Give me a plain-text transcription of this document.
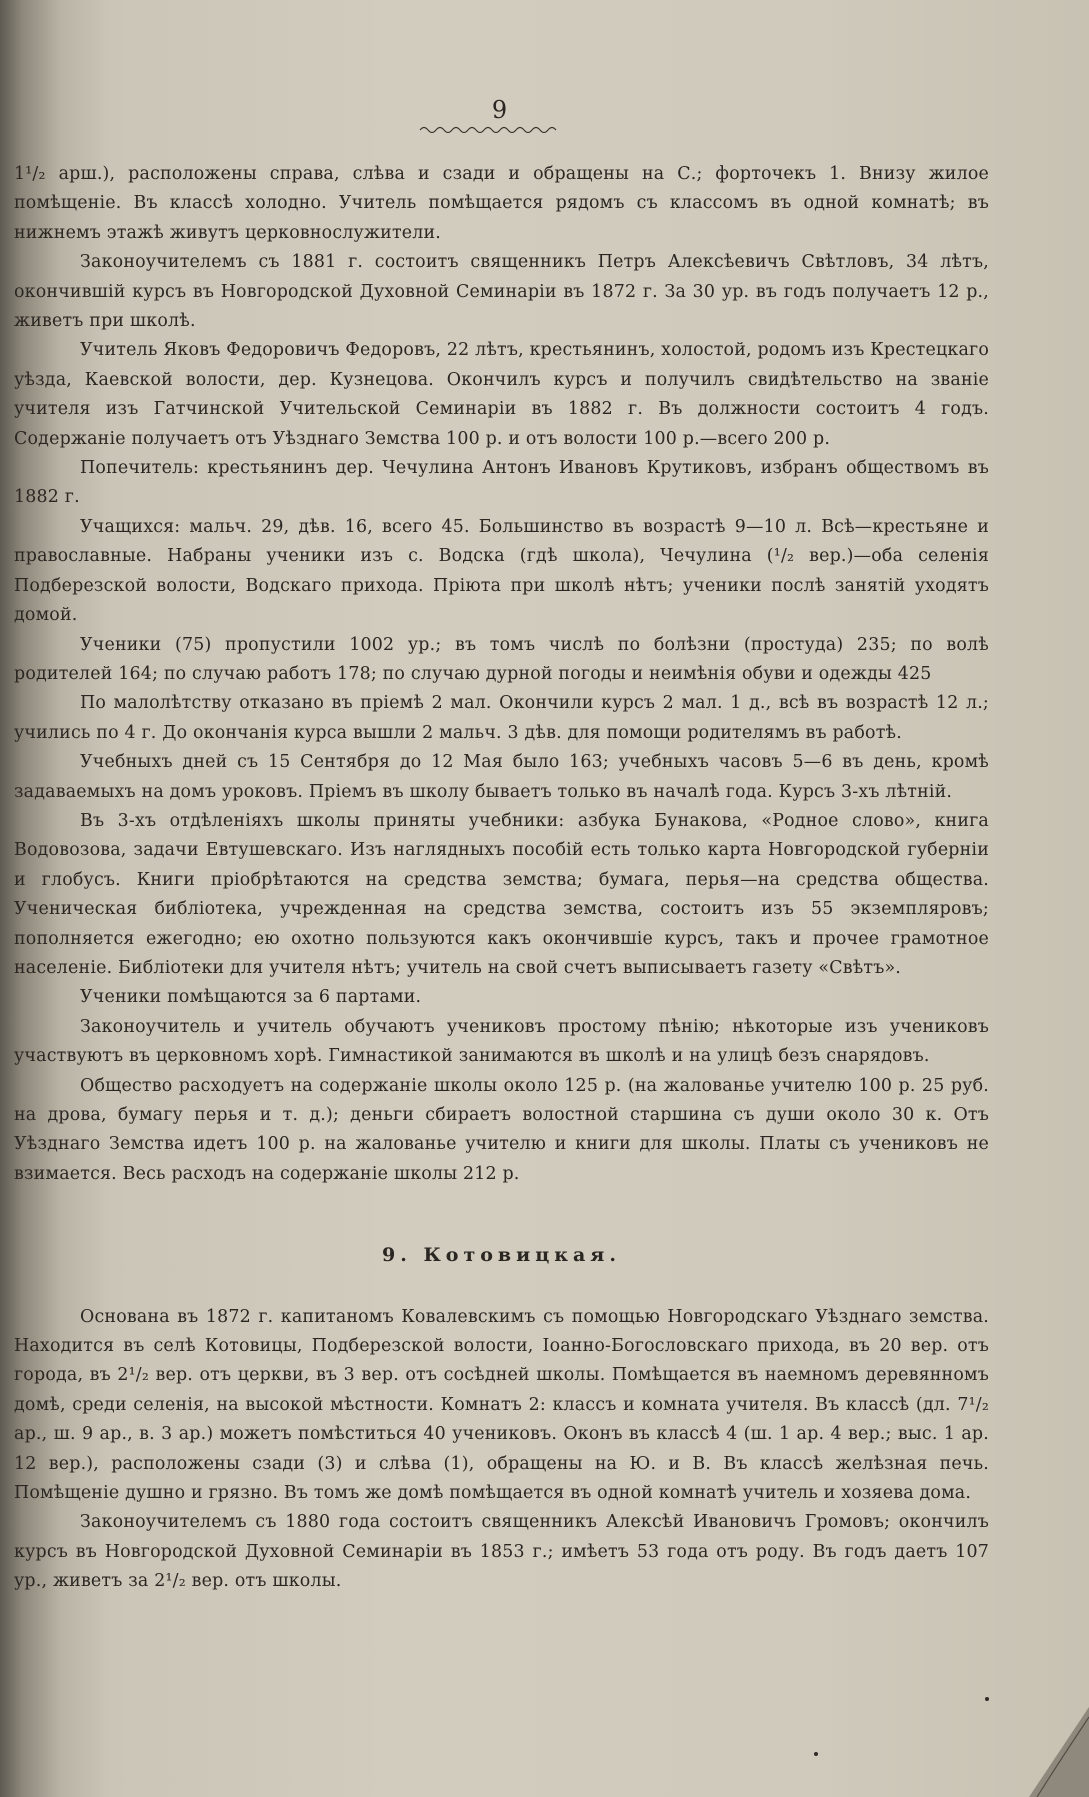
9

1¹/₂ арш.), расположены справа, слѣва и сзади и обращены на С.; форточекъ 1. Внизу жилое помѣщеніе. Въ классѣ холодно. Учитель помѣщается рядомъ съ классомъ въ одной комнатѣ; въ нижнемъ этажѣ живутъ церковнослужители.

Законоучителемъ съ 1881 г. состоитъ священникъ Петръ Алексѣевичъ Свѣтловъ, 34 лѣтъ, окончившій курсъ въ Новгородской Духовной Семинаріи въ 1872 г. За 30 ур. въ годъ получаетъ 12 р., живетъ при школѣ.

Учитель Яковъ Федоровичъ Федоровъ, 22 лѣтъ, крестьянинъ, холостой, родомъ изъ Крестецкаго уѣзда, Каевской волости, дер. Кузнецова. Окончилъ курсъ и получилъ свидѣтельство на званіе учителя изъ Гатчинской Учительской Семинаріи въ 1882 г. Въ должности состоитъ 4 годъ. Содержаніе получаетъ отъ Уѣзднаго Земства 100 р. и отъ волости 100 р.—всего 200 р.

Попечитель: крестьянинъ дер. Чечулина Антонъ Ивановъ Крутиковъ, избранъ обществомъ въ 1882 г.

Учащихся: мальч. 29, дѣв. 16, всего 45. Большинство въ возрастѣ 9—10 л. Всѣ—крестьяне и православные. Набраны ученики изъ с. Водска (гдѣ школа), Чечулина (¹/₂ вер.)—оба селенія Подберезской волости, Водскаго прихода. Пріюта при школѣ нѣтъ; ученики послѣ занятій уходятъ домой.

Ученики (75) пропустили 1002 ур.; въ томъ числѣ по болѣзни (простуда) 235; по волѣ родителей 164; по случаю работъ 178; по случаю дурной погоды и неимѣнія обуви и одежды 425

По малолѣтству отказано въ пріемѣ 2 мал. Окончили курсъ 2 мал. 1 д., всѣ въ возрастѣ 12 л.; учились по 4 г. До окончанія курса вышли 2 мальч. 3 дѣв. для помощи родителямъ въ работѣ.

Учебныхъ дней съ 15 Сентября до 12 Мая было 163; учебныхъ часовъ 5—6 въ день, кромѣ задаваемыхъ на домъ уроковъ. Пріемъ въ школу бываетъ только въ началѣ года. Курсъ 3-хъ лѣтній.

Въ 3-хъ отдѣленіяхъ школы приняты учебники: азбука Бунакова, «Родное слово», книга Водовозова, задачи Евтушевскаго. Изъ наглядныхъ пособій есть только карта Новгородской губерніи и глобусъ. Книги пріобрѣтаются на средства земства; бумага, перья—на средства общества. Ученическая библіотека, учрежденная на средства земства, состоитъ изъ 55 экземпляровъ; пополняется ежегодно; ею охотно пользуются какъ окончившіе курсъ, такъ и прочее грамотное населеніе. Библіотеки для учителя нѣтъ; учитель на свой счетъ выписываетъ газету «Свѣтъ».

Ученики помѣщаются за 6 партами.

Законоучитель и учитель обучаютъ учениковъ простому пѣнію; нѣкоторые изъ учениковъ участвуютъ въ церковномъ хорѣ. Гимнастикой занимаются въ школѣ и на улицѣ безъ снарядовъ.

Общество расходуетъ на содержаніе школы около 125 р. (на жалованье учителю 100 р. 25 руб. на дрова, бумагу перья и т. д.); деньги сбираетъ волостной старшина съ души около 30 к. Отъ Уѣзднаго Земства идетъ 100 р. на жалованье учителю и книги для школы. Платы съ учениковъ не взимается. Весь расходъ на содержаніе школы 212 р.

9. Котовицкая.

Основана въ 1872 г. капитаномъ Ковалевскимъ съ помощью Новгородскаго Уѣзднаго земства. Находится въ селѣ Котовицы, Подберезской волости, Іоанно-Богословскаго прихода, въ 20 вер. отъ города, въ 2¹/₂ вер. отъ церкви, въ 3 вер. отъ сосѣдней школы. Помѣщается въ наемномъ деревянномъ домѣ, среди селенія, на высокой мѣстности. Комнатъ 2: классъ и комната учителя. Въ классѣ (дл. 7¹/₂ ар., ш. 9 ар., в. 3 ар.) можетъ помѣститься 40 учениковъ. Оконъ въ классѣ 4 (ш. 1 ар. 4 вер.; выс. 1 ар. 12 вер.), расположены сзади (3) и слѣва (1), обращены на Ю. и В. Въ классѣ желѣзная печь. Помѣщеніе душно и грязно. Въ томъ же домѣ помѣщается въ одной комнатѣ учитель и хозяева дома.

Законоучителемъ съ 1880 года состоитъ священникъ Алексѣй Ивановичъ Громовъ; окончилъ курсъ въ Новгородской Духовной Семинаріи въ 1853 г.; имѣетъ 53 года отъ роду. Въ годъ даетъ 107 ур., живетъ за 2¹/₂ вер. отъ школы.
